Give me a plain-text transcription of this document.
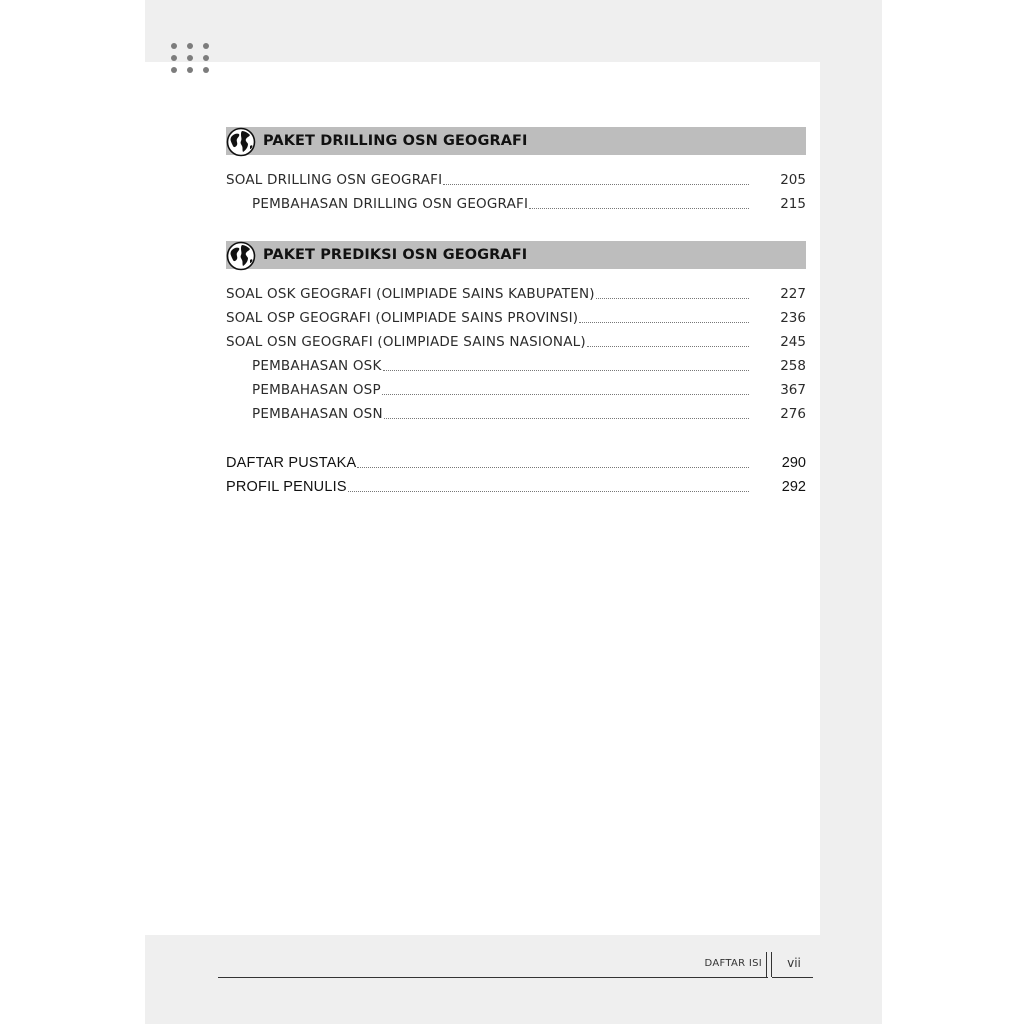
PAKET DRILLING OSN GEOGRAFI
SOAL DRILLING OSN GEOGRAFI	205
PEMBAHASAN DRILLING OSN GEOGRAFI	215
PAKET PREDIKSI OSN GEOGRAFI
SOAL OSK GEOGRAFI (OLIMPIADE SAINS KABUPATEN)	227
SOAL OSP GEOGRAFI (OLIMPIADE SAINS PROVINSI)	236
SOAL OSN GEOGRAFI (OLIMPIADE SAINS NASIONAL)	245
PEMBAHASAN OSK	258
PEMBAHASAN OSP	367
PEMBAHASAN OSN	276
DAFTAR PUSTAKA	290
PROFIL PENULIS	292
DAFTAR ISI	vii
